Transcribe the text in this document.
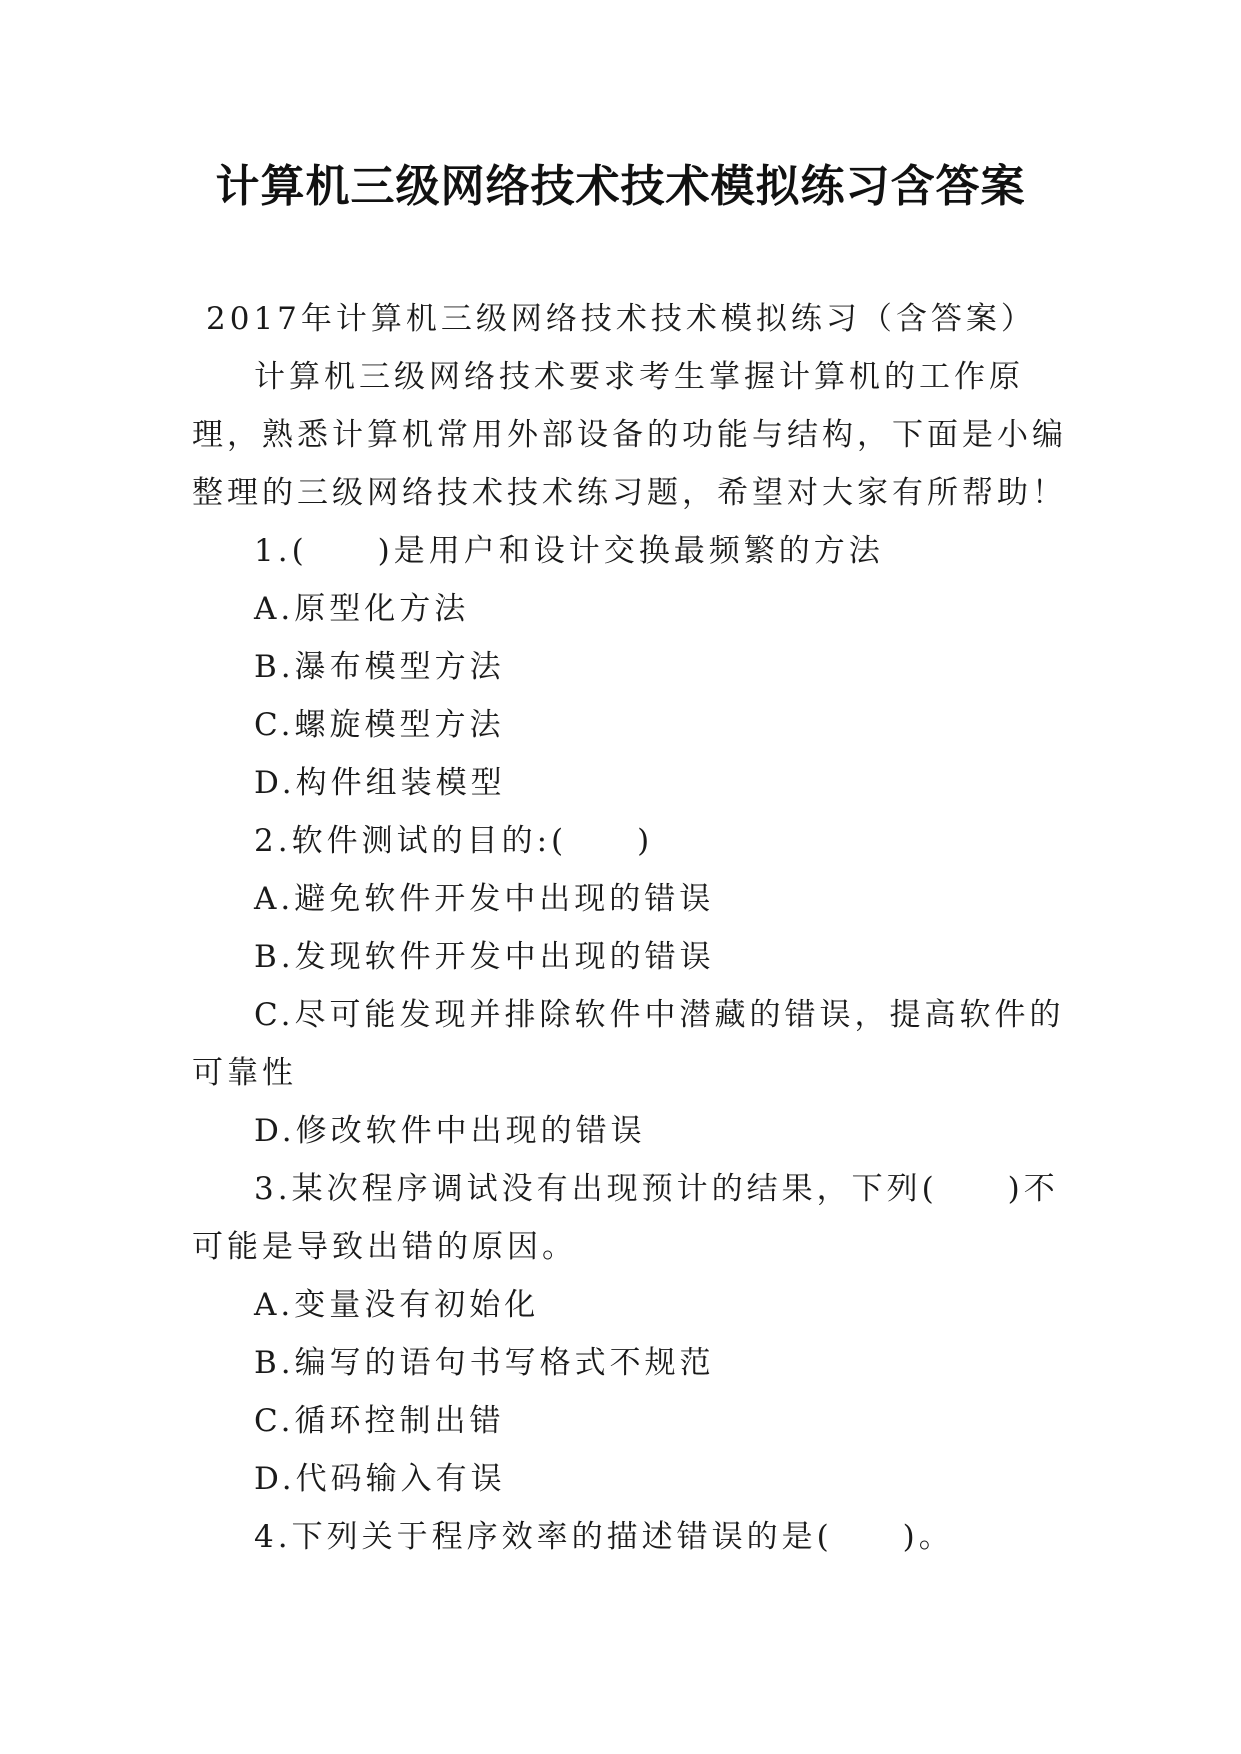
计算机三级网络技术技术模拟练习含答案

2017年计算机三级网络技术技术模拟练习（含答案）

计算机三级网络技术要求考生掌握计算机的工作原理，熟悉计算机常用外部设备的功能与结构，下面是小编整理的三级网络技术技术练习题，希望对大家有所帮助！

1.(　　)是用户和设计交换最频繁的方法

A.原型化方法

B.瀑布模型方法

C.螺旋模型方法

D.构件组装模型

2.软件测试的目的:(　　)

A.避免软件开发中出现的错误

B.发现软件开发中出现的错误

C.尽可能发现并排除软件中潜藏的错误，提高软件的可靠性

D.修改软件中出现的错误

3.某次程序调试没有出现预计的结果，下列(　　)不可能是导致出错的原因。

A.变量没有初始化

B.编写的语句书写格式不规范

C.循环控制出错

D.代码输入有误

4.下列关于程序效率的描述错误的是(　　)。
